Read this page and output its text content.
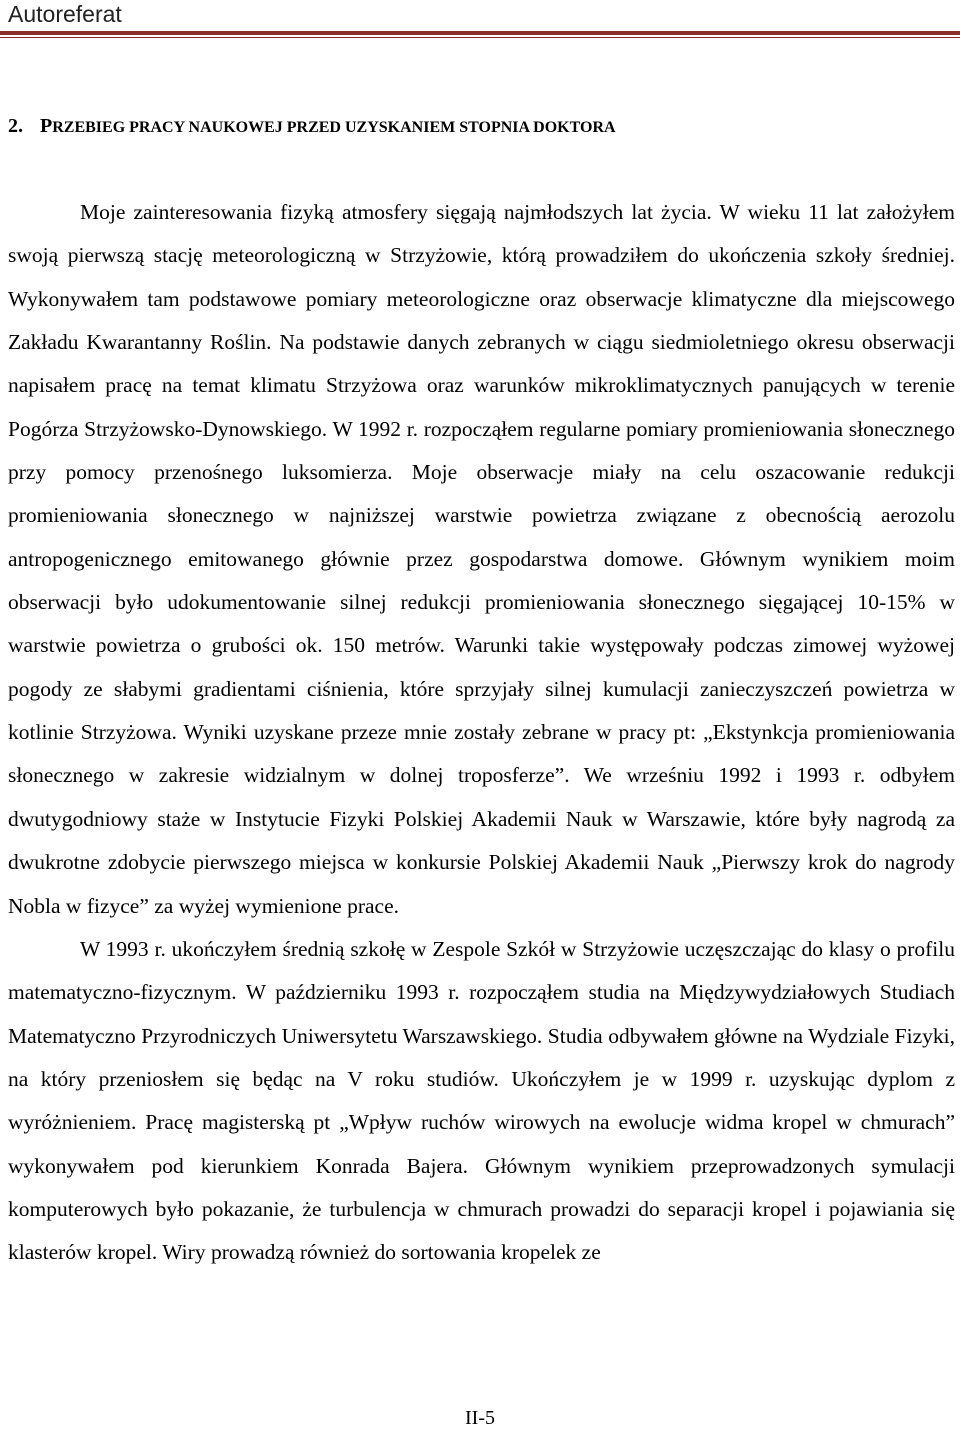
Autoreferat
2. PRZEBIEG PRACY NAUKOWEJ PRZED UZYSKANIEM STOPNIA DOKTORA

Moje zainteresowania fizyką atmosfery sięgają najmłodszych lat życia. W wieku 11 lat założyłem swoją pierwszą stację meteorologiczną w Strzyżowie, którą prowadziłem do ukończenia szkoły średniej. Wykonywałem tam podstawowe pomiary meteorologiczne oraz obserwacje klimatyczne dla miejscowego Zakładu Kwarantanny Roślin. Na podstawie danych zebranych w ciągu siedmioletniego okresu obserwacji napisałem pracę na temat klimatu Strzyżowa oraz warunków mikroklimatycznych panujących w terenie Pogórza Strzyżowsko-Dynowskiego. W 1992 r. rozpocząłem regularne pomiary promieniowania słonecznego przy pomocy przenośnego luksomierza. Moje obserwacje miały na celu oszacowanie redukcji promieniowania słonecznego w najniższej warstwie powietrza związane z obecnością aerozolu antropogenicznego emitowanego głównie przez gospodarstwa domowe. Głównym wynikiem moim obserwacji było udokumentowanie silnej redukcji promieniowania słonecznego sięgającej 10-15% w warstwie powietrza o grubości ok. 150 metrów. Warunki takie występowały podczas zimowej wyżowej pogody ze słabymi gradientami ciśnienia, które sprzyjały silnej kumulacji zanieczyszczeń powietrza w kotlinie Strzyżowa. Wyniki uzyskane przeze mnie zostały zebrane w pracy pt: „Ekstynkcja promieniowania słonecznego w zakresie widzialnym w dolnej troposferze”. We wrześniu 1992 i 1993 r. odbyłem dwutygodniowy staże w Instytucie Fizyki Polskiej Akademii Nauk w Warszawie, które były nagrodą za dwukrotne zdobycie pierwszego miejsca w konkursie Polskiej Akademii Nauk „Pierwszy krok do nagrody Nobla w fizyce” za wyżej wymienione prace.

W 1993 r. ukończyłem średnią szkołę w Zespole Szkół w Strzyżowie uczęszczając do klasy o profilu matematyczno-fizycznym. W październiku 1993 r. rozpocząłem studia na Międzywydziałowych Studiach Matematyczno Przyrodniczych Uniwersytetu Warszawskiego. Studia odbywałem główne na Wydziale Fizyki, na który przeniosłem się będąc na V roku studiów. Ukończyłem je w 1999 r. uzyskując dyplom z wyróżnieniem. Pracę magisterską pt „Wpływ ruchów wirowych na ewolucje widma kropel w chmurach” wykonywałem pod kierunkiem Konrada Bajera. Głównym wynikiem przeprowadzonych symulacji komputerowych było pokazanie, że turbulencja w chmurach prowadzi do separacji kropel i pojawiania się klasterów kropel. Wiry prowadzą również do sortowania kropelek ze

II-5
